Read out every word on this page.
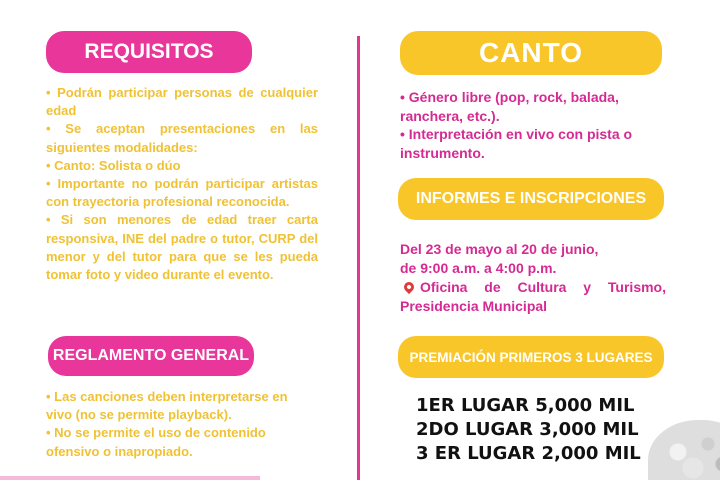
REQUISITOS
• Podrán participar personas de cualquier edad
• Se aceptan presentaciones en las siguientes modalidades:
• Canto: Solista o dúo
• Importante no podrán participar artistas con trayectoria profesional reconocida.
• Si son menores de edad traer carta responsiva, INE del padre o tutor, CURP del menor y del tutor para que se les pueda tomar foto y video durante el evento.
REGLAMENTO GENERAL
• Las canciones deben interpretarse en vivo (no se permite playback).
• No se permite el uso de contenido ofensivo o inapropiado.
CANTO
• Género libre (pop, rock, balada, ranchera, etc.).
• Interpretación en vivo con pista o instrumento.
INFORMES E INSCRIPCIONES
Del 23 de mayo al 20 de junio,
de 9:00 a.m. a 4:00 p.m.
Oficina de Cultura y Turismo, Presidencia Municipal
PREMIACIÓN PRIMEROS 3 LUGARES
1ER LUGAR 5,000 MIL
2DO LUGAR 3,000 MIL
3 ER LUGAR 2,000 MIL
